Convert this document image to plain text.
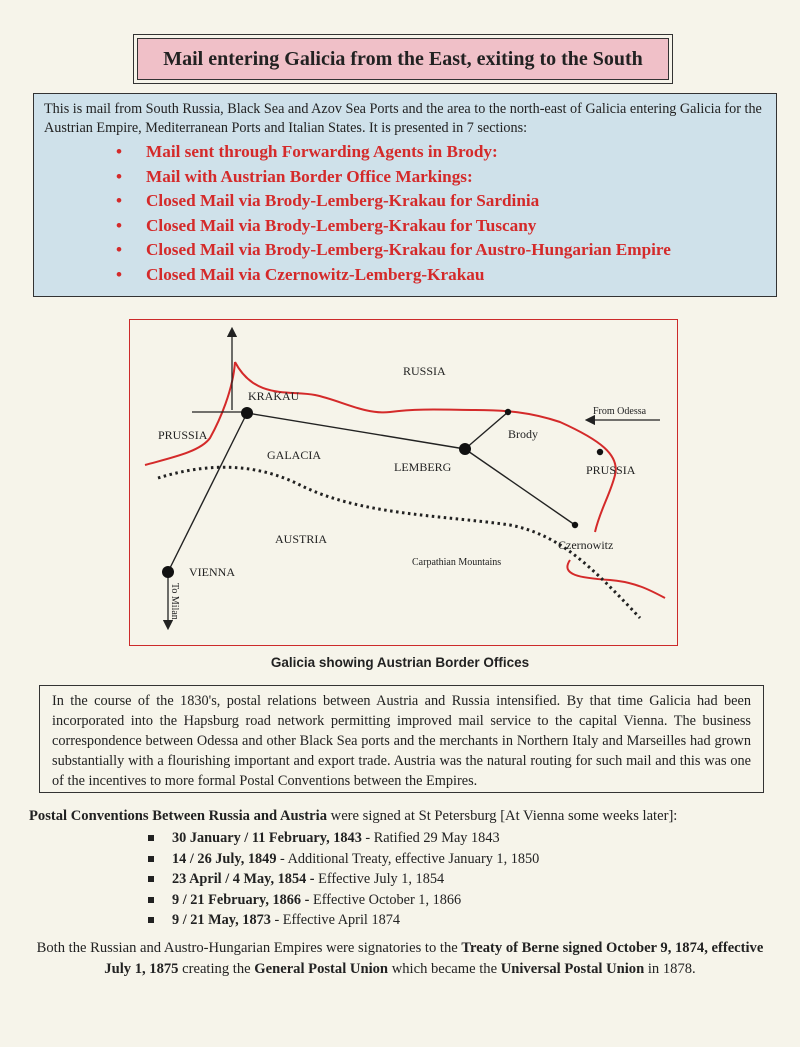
Mail entering Galicia from the East, exiting to the South

This is mail from South Russia, Black Sea and Azov Sea Ports and the area to the north-east of Galicia entering Galicia for the Austrian Empire, Mediterranean Ports and Italian States. It is presented in 7 sections:

• Mail sent through Forwarding Agents in Brody:
• Mail with Austrian Border Office Markings:
• Closed Mail via Brody-Lemberg-Krakau for Sardinia
• Closed Mail via Brody-Lemberg-Krakau for Tuscany
• Closed Mail via Brody-Lemberg-Krakau for Austro-Hungarian Empire
• Closed Mail via Czernowitz-Lemberg-Krakau
RUSSIA
KRAKAU
PRUSSIA
GALACIA
LEMBERG
Brody
From Odessa
PRUSSIA
AUSTRIA	Czernowitz
Carpathian Mountains
VIENNA
To Milan
Galicia showing Austrian Border Offices
In the course of the 1830's, postal relations between Austria and Russia intensified. By that time Galicia had been incorporated into the Hapsburg road network permitting improved mail service to the capital Vienna. The business correspondence between Odessa and other Black Sea ports and the merchants in Northern Italy and Marseilles had grown substantially with a flourishing important and export trade. Austria was the natural routing for such mail and this was one of the incentives to more formal Postal Conventions between the Empires.
Postal Conventions Between Russia and Austria were signed at St Petersburg [At Vienna some weeks later]:
30 January / 11 February, 1843 - Ratified 29 May 1843
14 / 26 July, 1849 - Additional Treaty, effective January 1, 1850
23 April / 4 May, 1854 - Effective July 1, 1854
9 / 21 February, 1866 - Effective October 1, 1866
9 / 21 May, 1873 - Effective April 1874
Both the Russian and Austro-Hungarian Empires were signatories to the Treaty of Berne signed October 9, 1874, effective July 1, 1875 creating the General Postal Union which became the Universal Postal Union in 1878.
